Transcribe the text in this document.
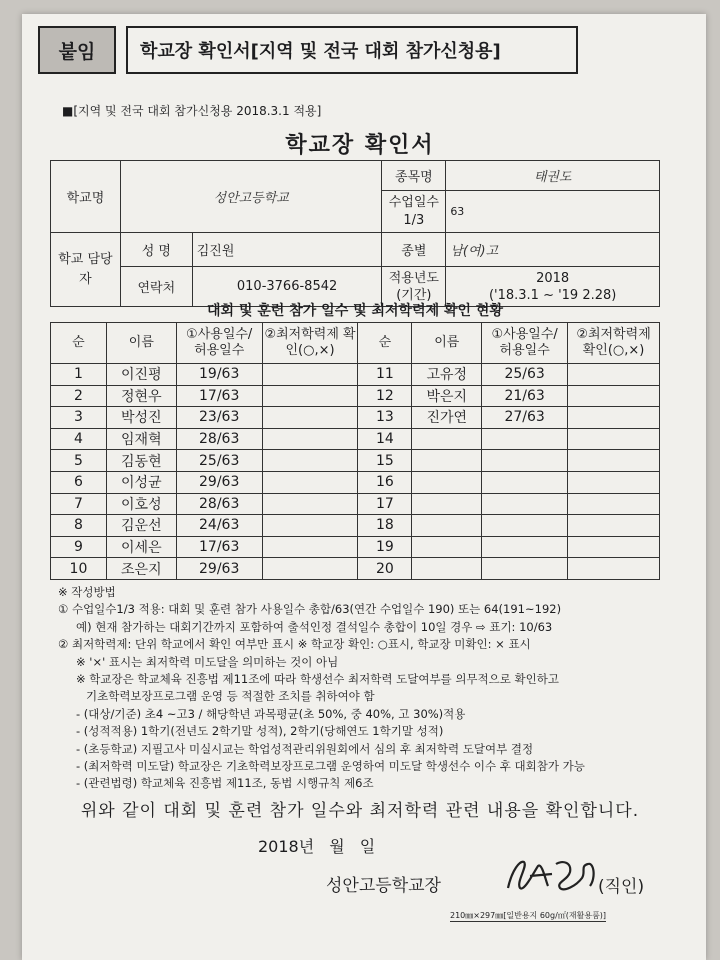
붙임	학교장 확인서[지역 및 전국 대회 참가신청용]
■[지역 및 전국 대회 참가신청용 2018.3.1 적용]
학교장 확인서
학교명	성안고등학교		종목명	태권도
			수업일수 1/3	63
학교 담당자	성 명	김진원	종별	남(여)고
	연락처	010-3766-8542	적용년도 (기간)	2018
('18.3.1 ~ '19 2.28)
대회 및 훈련 참가 일수 및 최저학력제 확인 현황
순	이름	①사용일수/ 허용일수	②최저학력제 확인(○,×)	순	이름	①사용일수/ 허용일수	②최저학력제 확인(○,×)
1	이진평	19/63		11	고유정	25/63	
2	정현우	17/63		12	박은지	21/63	
3	박성진	23/63		13	진가연	27/63	
4	임재혁	28/63		14			
5	김동현	25/63		15			
6	이성균	29/63		16			
7	이호성	28/63		17			
8	김운선	24/63		18			
9	이세은	17/63		19			
10	조은지	29/63		20			
※ 작성방법
① 수업일수1/3 적용: 대회 및 훈련 참가 사용일수 총합/63(연간 수업일수 190) 또는 64(191~192)
예) 현재 참가하는 대회기간까지 포함하여 출석인정 결석일수 총합이 10일 경우 ⇨ 표기: 10/63
② 최저학력제: 단위 학교에서 확인 여부만 표시 ※ 학교장 확인: ○표시, 학교장 미확인: × 표시
※ '×' 표시는 최저학력 미도달을 의미하는 것이 아님
※ 학교장은 학교체육 진흥법 제11조에 따라 학생선수 최저학력 도달여부를 의무적으로 확인하고
기초학력보장프로그램 운영 등 적절한 조치를 취하여야 함
- (대상/기준) 초4 ~고3 / 해당학년 과목평균(초 50%, 중 40%, 고 30%)적용
- (성적적용) 1학기(전년도 2학기말 성적), 2학기(당해연도 1학기말 성적)
- (초등학교) 지필고사 미실시교는 학업성적관리위원회에서 심의 후 최저학력 도달여부 결정
- (최저학력 미도달) 학교장은 기초학력보장프로그램 운영하여 미도달 학생선수 이수 후 대회참가 가능
- (관련법령) 학교체육 진흥법 제11조, 동법 시행규칙 제6조
위와 같이 대회 및 훈련 참가 일수와 최저학력 관련 내용을 확인합니다.
2018년 월 일
성안고등학교장	(직인)
210㎜×297㎜[일반용지 60g/㎡(재활용품)]
